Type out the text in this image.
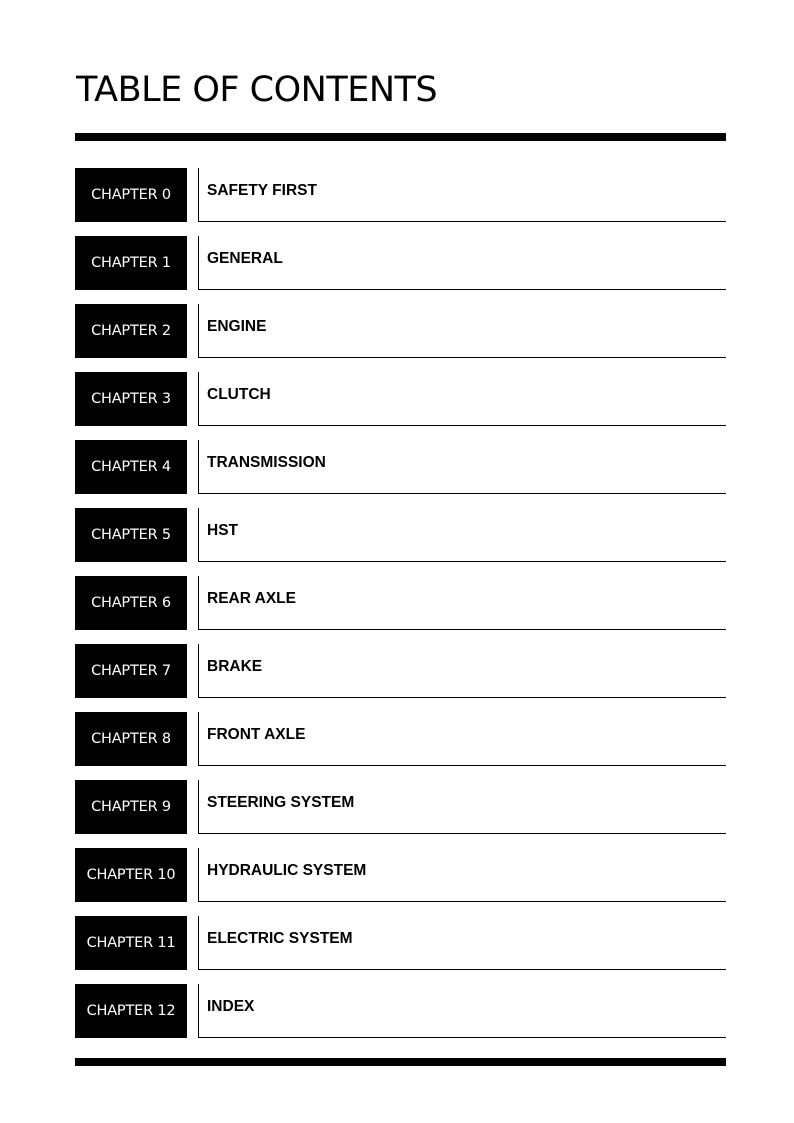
TABLE OF CONTENTS
CHAPTER 0	SAFETY FIRST
CHAPTER 1	GENERAL
CHAPTER 2	ENGINE
CHAPTER 3	CLUTCH
CHAPTER 4	TRANSMISSION
CHAPTER 5	HST
CHAPTER 6	REAR AXLE
CHAPTER 7	BRAKE
CHAPTER 8	FRONT AXLE
CHAPTER 9	STEERING SYSTEM
CHAPTER 10	HYDRAULIC SYSTEM
CHAPTER 11	ELECTRIC SYSTEM
CHAPTER 12	INDEX
